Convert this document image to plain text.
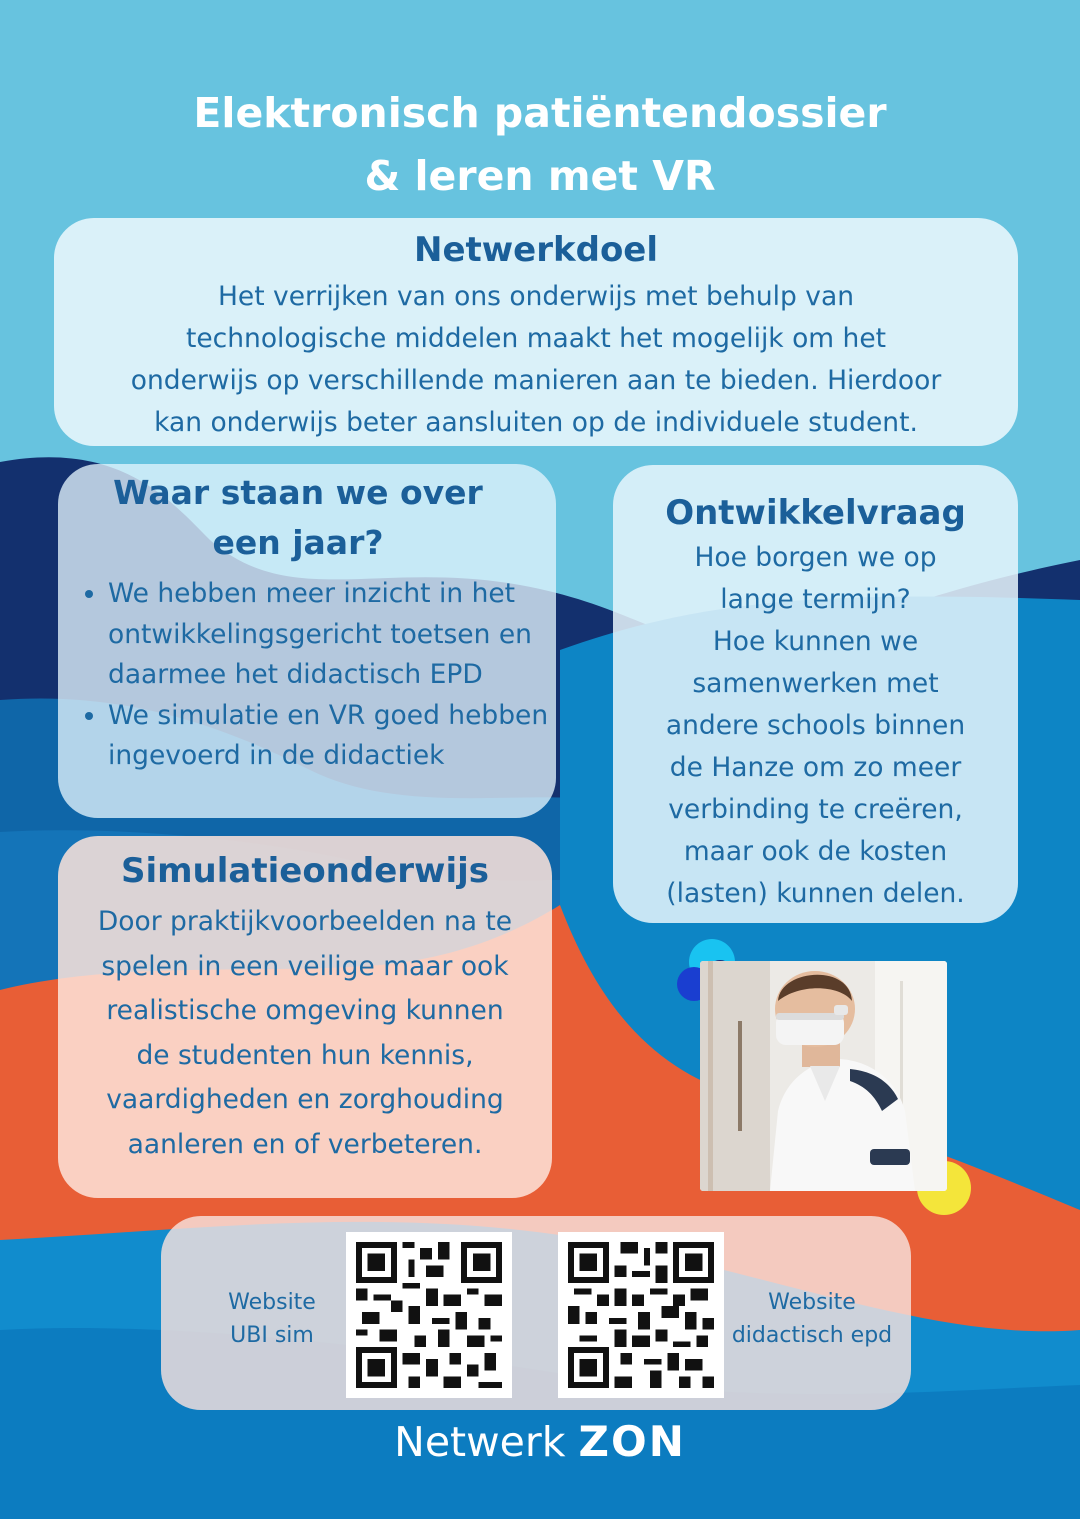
Elektronisch patiëntendossier
& leren met VR
Netwerkdoel

Het verrijken van ons onderwijs met behulp van
technologische middelen maakt het mogelijk om het
onderwijs op verschillende manieren aan te bieden. Hierdoor
kan onderwijs beter aansluiten op de individuele student.

Waar staan we over
een jaar?
• We hebben meer inzicht in het ontwikkelingsgericht toetsen en daarmee het didactisch EPD
• We simulatie en VR goed hebben ingevoerd in de didactiek
Ontwikkelvraag

Hoe borgen we op
lange termijn?
Hoe kunnen we
samenwerken met
andere schools binnen
de Hanze om zo meer
verbinding te creëren,
maar ook de kosten
(lasten) kunnen delen.

Simulatieonderwijs

Door praktijkvoorbeelden na te
spelen in een veilige maar ook
realistische omgeving kunnen
de studenten hun kennis,
vaardigheden en zorghouding
aanleren en of verbeteren.

Website
UBI sim
Website
didactisch epd
Netwerk ZON
